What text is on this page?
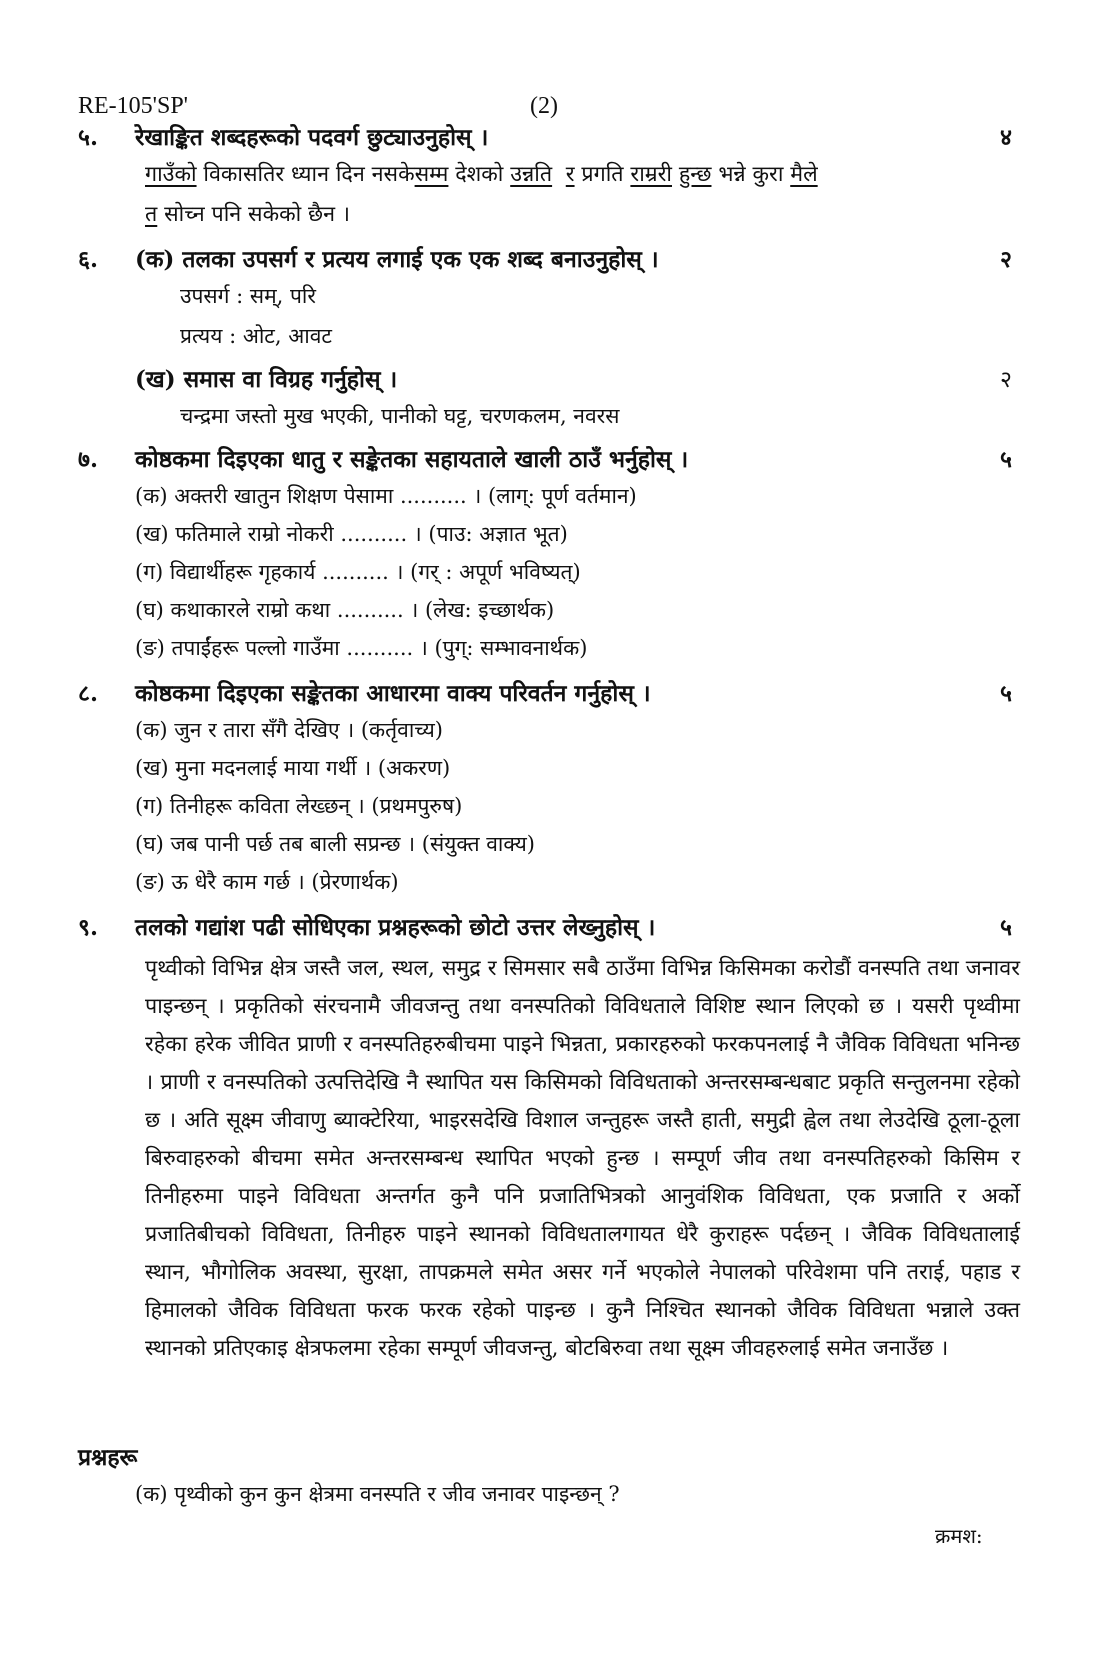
RE-105'SP'	(2)
५. रेखाङ्कित शब्दहरूको पदवर्ग छुट्याउनुहोस् ।	४
गाउँको विकासतिर ध्यान दिन नसकेसम्म देशको उन्नति र प्रगति राम्ररी हुन्छ भन्ने कुरा मैले
त सोच्न पनि सकेको छैन ।
६. (क) तलका उपसर्ग र प्रत्यय लगाई एक एक शब्द बनाउनुहोस् ।	२
उपसर्ग : सम्, परि
प्रत्यय : ओट, आवट
(ख) समास वा विग्रह गर्नुहोस् ।	२
चन्द्रमा जस्तो मुख भएकी, पानीको घट्ट, चरणकलम, नवरस
७. कोष्ठकमा दिइएका धातु र सङ्केतका सहायताले खाली ठाउँ भर्नुहोस् ।	५
(क) अक्तरी खातुन शिक्षण पेसामा .......... । (लाग्: पूर्ण वर्तमान)
(ख) फतिमाले राम्रो नोकरी .......... । (पाउ: अज्ञात भूत)
(ग) विद्यार्थीहरू गृहकार्य .......... । (गर् : अपूर्ण भविष्यत्)
(घ) कथाकारले राम्रो कथा .......... । (लेख: इच्छार्थक)
(ङ) तपाईंहरू पल्लो गाउँमा .......... । (पुग्: सम्भावनार्थक)
८. कोष्ठकमा दिइएका सङ्केतका आधारमा वाक्य परिवर्तन गर्नुहोस् ।	५
(क) जुन र तारा सँगै देखिए । (कर्तृवाच्य)
(ख) मुना मदनलाई माया गर्थी । (अकरण)
(ग) तिनीहरू कविता लेख्छन् । (प्रथमपुरुष)
(घ) जब पानी पर्छ तब बाली सप्रन्छ । (संयुक्त वाक्य)
(ङ) ऊ धेरै काम गर्छ । (प्रेरणार्थक)
९. तलको गद्यांश पढी सोधिएका प्रश्नहरूको छोटो उत्तर लेख्नुहोस् ।	५
पृथ्वीको विभिन्न क्षेत्र जस्तै जल, स्थल, समुद्र र सिमसार सबै ठाउँमा विभिन्न किसिमका करोडौं वनस्पति तथा जनावर पाइन्छन् । प्रकृतिको संरचनामै जीवजन्तु तथा वनस्पतिको विविधताले विशिष्ट स्थान लिएको छ । यसरी पृथ्वीमा रहेका हरेक जीवित प्राणी र वनस्पतिहरुबीचमा पाइने भिन्नता, प्रकारहरुको फरकपनलाई नै जैविक विविधता भनिन्छ । प्राणी र वनस्पतिको उत्पत्तिदेखि नै स्थापित यस किसिमको विविधताको अन्तरसम्बन्धबाट प्रकृति सन्तुलनमा रहेको छ । अति सूक्ष्म जीवाणु ब्याक्टेरिया, भाइरसदेखि विशाल जन्तुहरू जस्तै हाती, समुद्री ह्वेल तथा लेउदेखि ठूला-ठूला बिरुवाहरुको बीचमा समेत अन्तरसम्बन्ध स्थापित भएको हुन्छ । सम्पूर्ण जीव तथा वनस्पतिहरुको किसिम र तिनीहरुमा पाइने विविधता अन्तर्गत कुनै पनि प्रजातिभित्रको आनुवंशिक विविधता, एक प्रजाति र अर्को प्रजातिबीचको विविधता, तिनीहरु पाइने स्थानको विविधतालगायत धेरै कुराहरू पर्दछन् । जैविक विविधतालाई स्थान, भौगोलिक अवस्था, सुरक्षा, तापक्रमले समेत असर गर्ने भएकोले नेपालको परिवेशमा पनि तराई, पहाड र हिमालको जैविक विविधता फरक फरक रहेको पाइन्छ । कुनै निश्चित स्थानको जैविक विविधता भन्नाले उक्त स्थानको प्रतिएकाइ क्षेत्रफलमा रहेका सम्पूर्ण जीवजन्तु, बोटबिरुवा तथा सूक्ष्म जीवहरुलाई समेत जनाउँछ ।
प्रश्नहरू
(क) पृथ्वीको कुन कुन क्षेत्रमा वनस्पति र जीव जनावर पाइन्छन् ?
क्रमश:
